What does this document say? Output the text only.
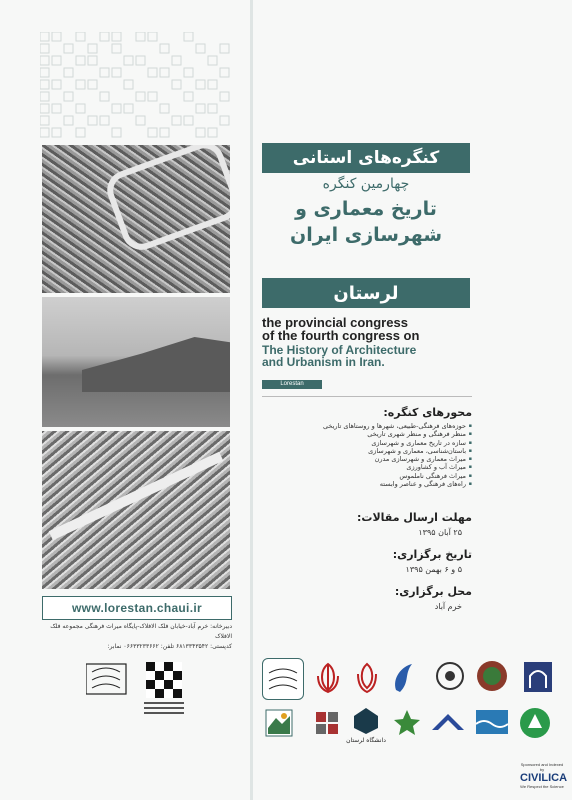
www.lorestan.chaui.ir
دبیرخانه: خرم آباد-خیابان فلک الافلاک-پایگاه میراث فرهنگی مجموعه فلک الافلاک
کدپستی: ۶۸۱۳۳۴۳۵۴۲ تلفن: ۰۶۶۳۳۲۳۳۶۶۲ نمابر:
کنگره‌های استانی
چهارمین کنگره
تاریخ معماری و
شهرسازی ایران
لرستان
the provincial congress
of the fourth congress on
The History of Architecture
and Urbanism in Iran.
Lorestan
محورهای کنگره:
▪ حوزه‌های فرهنگی-طبیعی، شهرها و روستاهای تاریخی
▪ منظر فرهنگی و منظر شهری تاریخی
▪ سازه در تاریخ معماری و شهرسازی
▪ باستان‌شناسی، معماری و شهرسازی
▪ میراث معماری و شهرسازی مدرن
▪ میراث آب و کشاورزی
▪ میراث فرهنگی ناملموس
▪ راه‌های فرهنگی و عناصر وابسته
مهلت ارسال مقالات:
۲۵ آبان ۱۳۹۵
تاریخ برگزاری:
۵ و ۶ بهمن ۱۳۹۵
محل برگزاری:
خرم آباد
دانشگاه لرستان
Sponsored and Indexed by
CIVILICA
We Respect the Science
